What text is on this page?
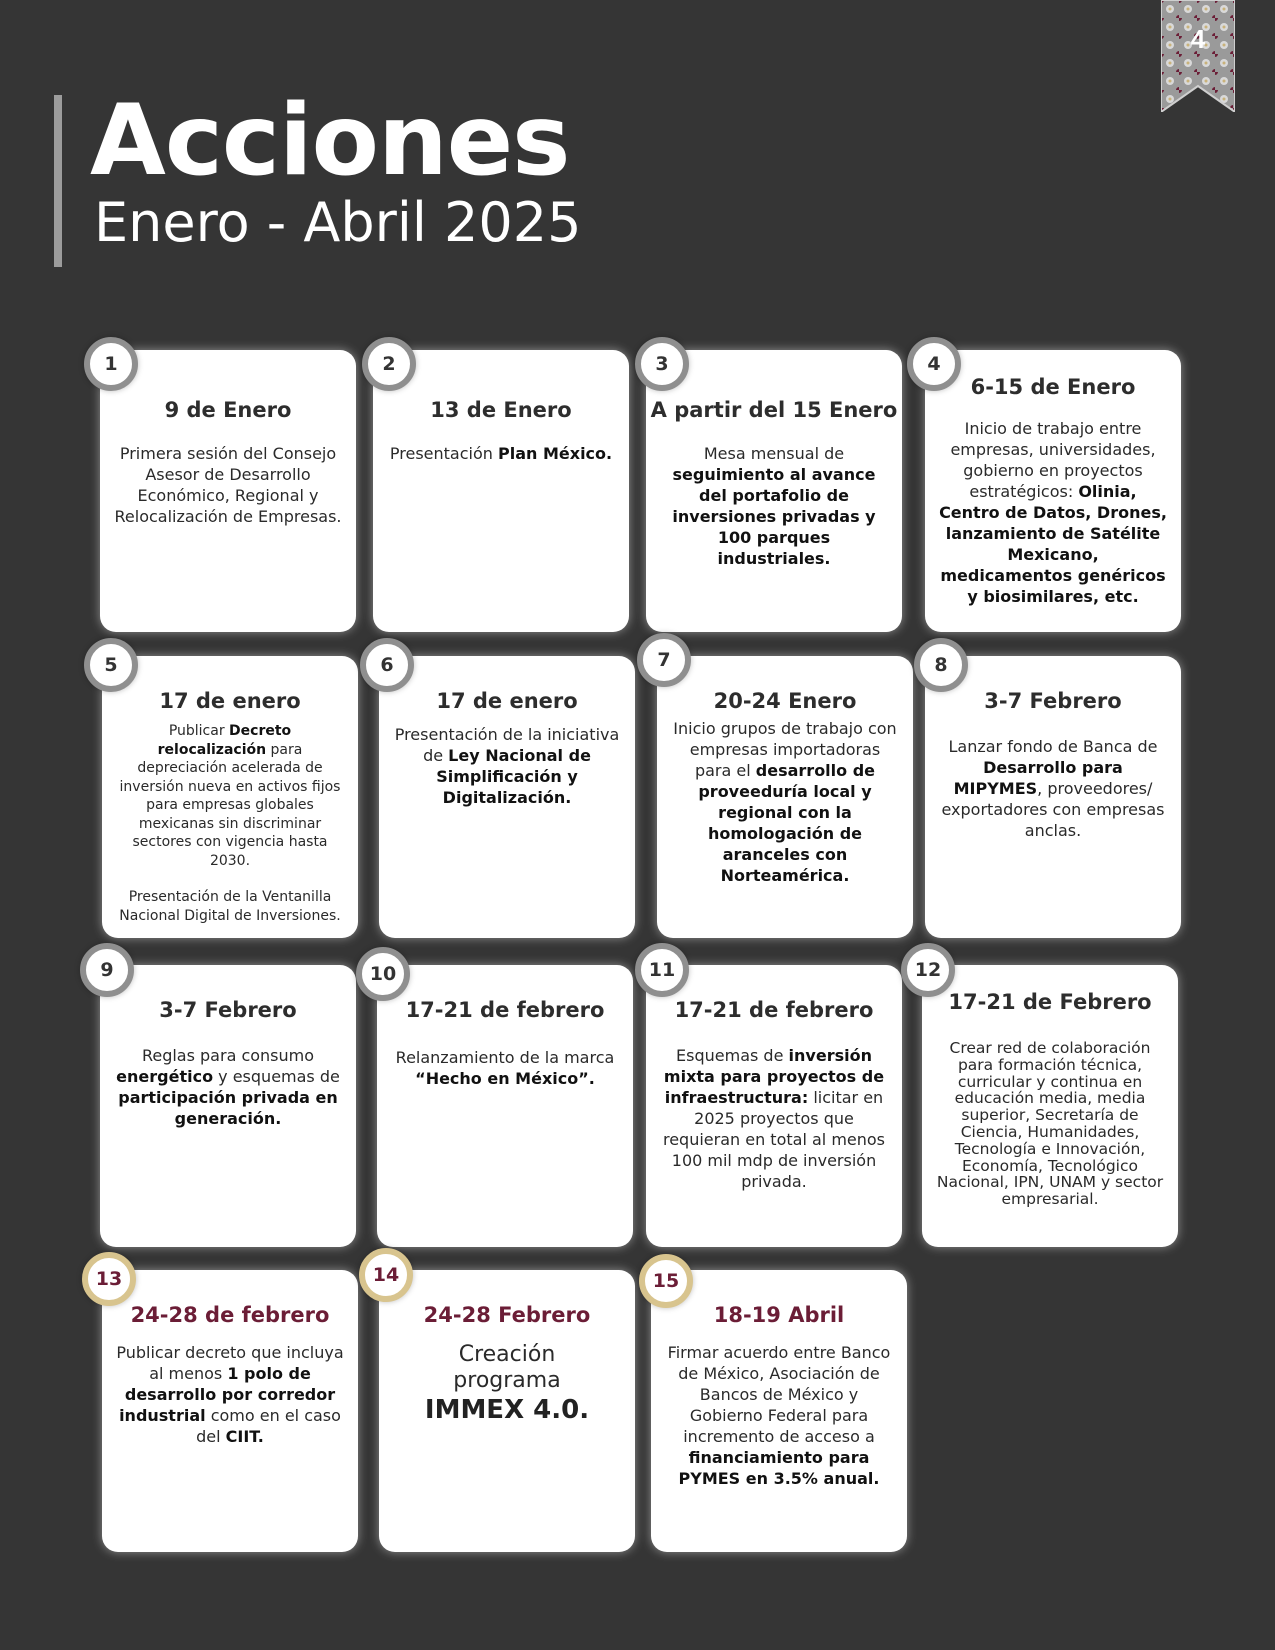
4
Acciones
Enero - Abril 2025
1
9 de Enero
Primera sesión del Consejo Asesor de Desarrollo Económico, Regional y Relocalización de Empresas.
2
13 de Enero
Presentación Plan México.
3
A partir del 15 Enero
Mesa mensual de seguimiento al avance del portafolio de inversiones privadas y 100 parques industriales.
4
6-15 de Enero
Inicio de trabajo entre empresas, universidades, gobierno en proyectos estratégicos: Olinia, Centro de Datos, Drones, lanzamiento de Satélite Mexicano, medicamentos genéricos y biosimilares, etc.
5
17 de enero
Publicar Decreto relocalización para depreciación acelerada de inversión nueva en activos fijos para empresas globales mexicanas sin discriminar sectores con vigencia hasta 2030.
Presentación de la Ventanilla Nacional Digital de Inversiones.
6
17 de enero
Presentación de la iniciativa de Ley Nacional de Simplificación y Digitalización.
7
20-24 Enero
Inicio grupos de trabajo con empresas importadoras para el desarrollo de proveeduría local y regional con la homologación de aranceles con Norteamérica.
8
3-7 Febrero
Lanzar fondo de Banca de Desarrollo para MIPYMES, proveedores/ exportadores con empresas anclas.
9
3-7 Febrero
Reglas para consumo energético y esquemas de participación privada en generación.
10
17-21 de febrero
Relanzamiento de la marca “Hecho en México”.
11
17-21 de febrero
Esquemas de inversión mixta para proyectos de infraestructura: licitar en 2025 proyectos que requieran en total al menos 100 mil mdp de inversión privada.
12
17-21 de Febrero
Crear red de colaboración para formación técnica, curricular y continua en educación media, media superior, Secretaría de Ciencia, Humanidades, Tecnología e Innovación, Economía, Tecnológico Nacional, IPN, UNAM y sector empresarial.
13
24-28 de febrero
Publicar decreto que incluya al menos 1 polo de desarrollo por corredor industrial como en el caso del CIIT.
14
24-28 Febrero
Creación
programa
IMMEX 4.0.
15
18-19 Abril
Firmar acuerdo entre Banco de México, Asociación de Bancos de México y Gobierno Federal para incremento de acceso a financiamiento para PYMES en 3.5% anual.
